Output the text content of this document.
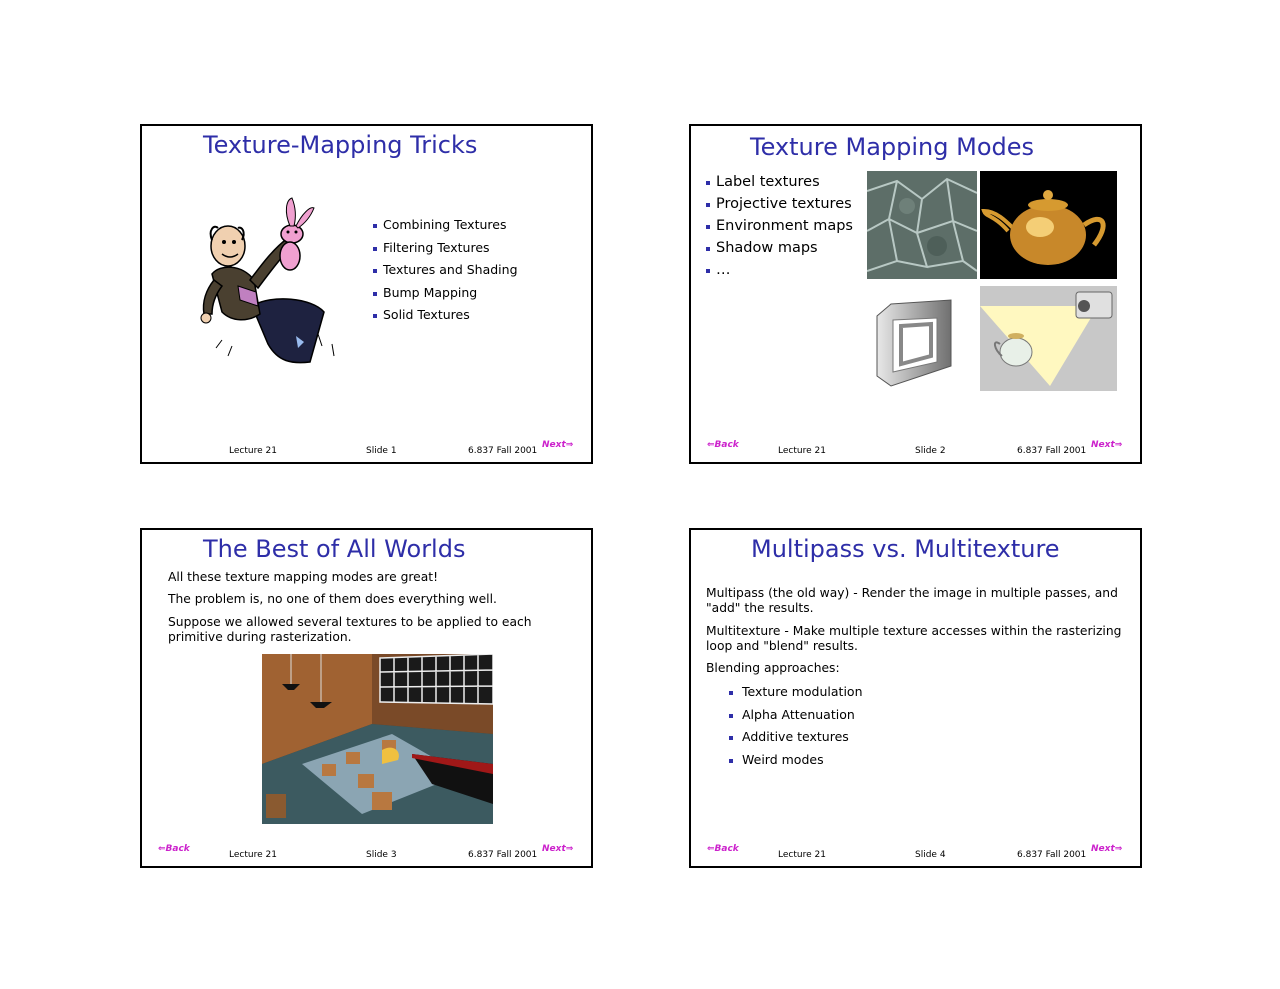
Texture-Mapping Tricks
Combining Textures
Filtering Textures
Textures and Shading
Bump Mapping
Solid Textures
Lecture 21	Slide 1	6.837 Fall 2001
Next⇒
Texture Mapping Modes
Label textures
Projective textures
Environment maps
Shadow maps
…
⇐Back
Lecture 21	Slide 2	6.837 Fall 2001
Next⇒
The Best of All Worlds
All these texture mapping modes are great!
The problem is, no one of them does everything well.
Suppose we allowed several textures to be applied to each primitive during rasterization.
⇐Back
Lecture 21	Slide 3	6.837 Fall 2001
Next⇒
Multipass vs. Multitexture
Multipass (the old way) - Render the image in multiple passes, and "add" the results.
Multitexture - Make multiple texture accesses within the rasterizing loop and "blend" results.
Blending approaches:
Texture modulation
Alpha Attenuation
Additive textures
Weird modes
⇐Back
Lecture 21	Slide 4	6.837 Fall 2001
Next⇒
